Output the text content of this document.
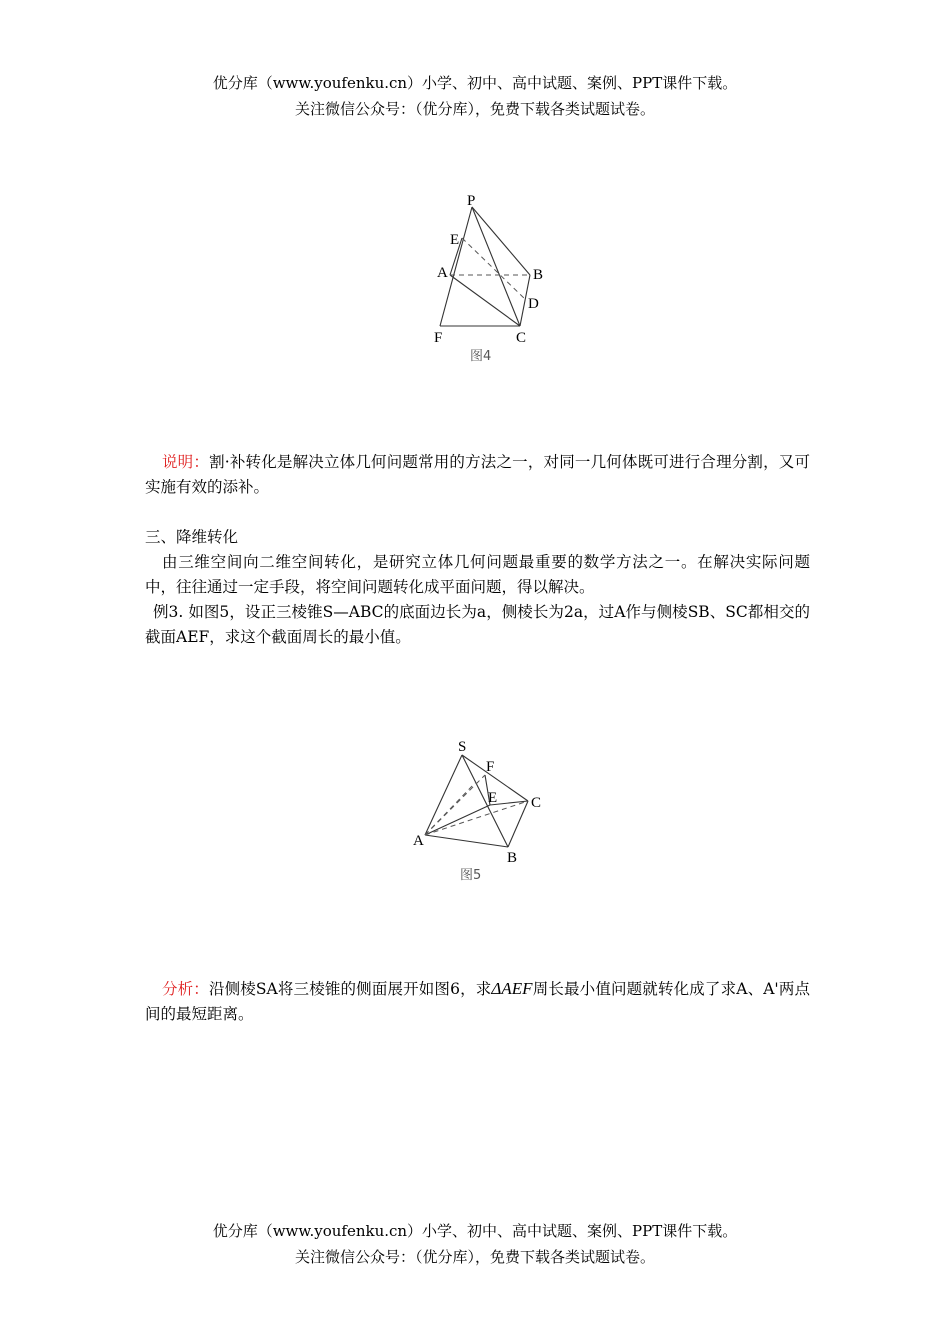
优分库（www.youfenku.cn）小学、初中、高中试题、案例、PPT课件下载。
关注微信公众号：（优分库），免费下载各类试题试卷。
P
E
A	B
D
F	C
图4
说明：割·补转化是解决立体几何问题常用的方法之一，对同一几何体既可进行合理分割，又可实施有效的添补。
三、降维转化
由三维空间向二维空间转化，是研究立体几何问题最重要的数学方法之一。在解决实际问题中，往往通过一定手段，将空间问题转化成平面问题，得以解决。
例3. 如图5，设正三棱锥S—ABC的底面边长为a，侧棱长为2a，过A作与侧棱SB、SC都相交的截面AEF，求这个截面周长的最小值。
S
F
E C
A
B
图5
分析：沿侧棱SA将三棱锥的侧面展开如图6，求ΔAEF周长最小值问题就转化成了求A、A'两点间的最短距离。
优分库（www.youfenku.cn）小学、初中、高中试题、案例、PPT课件下载。
关注微信公众号：（优分库），免费下载各类试题试卷。
